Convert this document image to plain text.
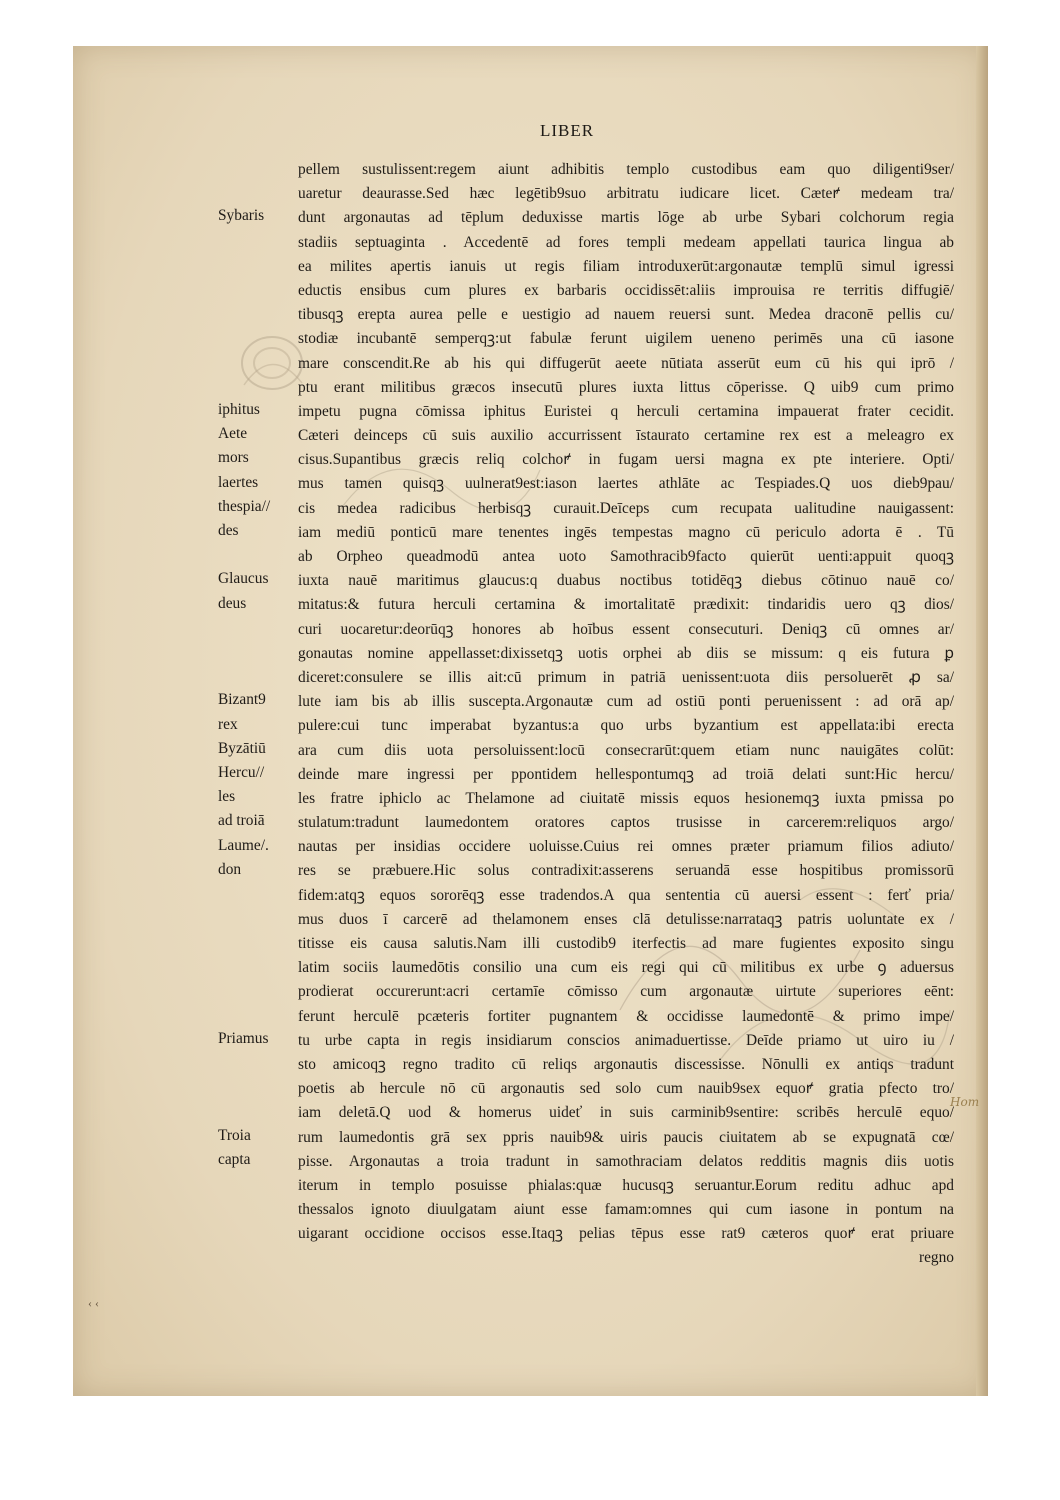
LIBER
pellem sustulissent:regem aiunt adhibitis templo custodibus eam quo diligenti9ser/
uaretur deaurasse.Sed hæc legētib9suo arbitratu iudicare licet. Cæteꝵ medeam tra/
dunt argonautas ad tēplum deduxisse martis lōge ab urbe Sybari colchorum regia
stadiis septuaginta . Accedentē ad fores templi medeam appellati taurica lingua ab
ea milites apertis ianuis ut regis filiam introduxerūt:argonautæ templū simul igressi
eductis ensibus cum plures ex barbaris occidissēt:aliis improuisa re territis diffugiē/
tibusqꝫ erepta aurea pelle e uestigio ad nauem reuersi sunt. Medea draconē pellis cu/
stodiæ incubantē semperqꝫ:ut fabulæ ferunt uigilem ueneno perimēs una cū iasone
mare conscendit.Re ab his qui diffugerūt aeete nūtiata asserūt eum cū his qui iprō /
ptu erant militibus græcos insecutū plures iuxta littus cōperisse. Q uib9 cum primo
impetu pugna cōmissa iphitus Euristei q herculi certamina impauerat frater cecidit.
Cæteri deinceps cū suis auxilio accurrissent īstaurato certamine rex est a meleagro ex
cisus.Supantibus græcis reliq colchoꝵ in fugam uersi magna ex pte interiere. Opti/
mus tamen quisqꝫ uulnerat9est:iason laertes athlāte ac Tespiades.Q uos dieb9pau/
cis medea radicibus herbisqꝫ curauit.Deīceps cum recupata ualitudine nauigassent:
iam mediū ponticū mare tenentes ingēs tempestas magno cū periculo adorta ē . Tū
ab Orpheo queadmodū antea uoto Samothracib9facto quierūt uenti:appuit quoqꝫ
iuxta nauē maritimus glaucus:q duabus noctibus totidēqꝫ diebus cōtinuo nauē co/
mitatus:& futura herculi certamina & imortalitatē prædixit: tindaridis uero qꝫ dios/
curi uocaretur:deorūqꝫ honores ab hoībus essent consecuturi. Deniqꝫ cū omnes ar/
gonautas nomine appellasset:dixissetqꝫ uotis orphei ab diis se missum: q eis futura ꝑ
diceret:consulere se illis ait:cū primum in patriā uenissent:uota diis persoluerēt ꝓ sa/
lute iam bis ab illis suscepta.Argonautæ cum ad ostiū ponti peruenissent : ad orā ap/
pulere:cui tunc imperabat byzantus:a quo urbs byzantium est appellata:ibi erecta
ara cum diis uota persoluissent:locū consecrarūt:quem etiam nunc nauigātes colūt:
deinde mare ingressi per ppontidem hellespontumqꝫ ad troiā delati sunt:Hic hercu/
les fratre iphiclo ac Thelamone ad ciuitatē missis equos hesionemqꝫ iuxta pmissa po
stulatum:tradunt laumedontem oratores captos trusisse in carcerem:reliquos argo/
nautas per insidias occidere uoluisse.Cuius rei omnes præter priamum filios adiuto/
res se præbuere.Hic solus contradixit:asserens seruandā esse hospitibus promissorū
fidem:atqꝫ equos sororēqꝫ esse tradendos.A qua sententia cū auersi essent : ferť pria/
mus duos ī carcerē ad thelamonem enses clā detulisse:narrataqꝫ patris uoluntate ex /
titisse eis causa salutis.Nam illi custodib9 iterfectis ad mare fugientes exposito singu
latim sociis laumedōtis consilio una cum eis regi qui cū militibus ex urbe ꝯ aduersus
prodierat occurerunt:acri certamīe cōmisso cum argonautæ uirtute superiores eēnt:
ferunt herculē pcæteris fortiter pugnantem & occidisse laumedontē & primo impe/
tu urbe capta in regis insidiarum conscios animaduertisse. Deīde priamo ut uiro iu /
sto amicoqꝫ regno tradito cū reliqs argonautis discessisse. Nōnulli ex antiqs tradunt
poetis ab hercule nō cū argonautis sed solo cum nauib9sex equoꝵ gratia pfecto tro/
iam deletā.Q uod & homerus uideť in suis carminib9sentire: scribēs herculē equo/
rum laumedontis grā sex ppris nauib9& uiris paucis ciuitatem ab se expugnatā cœ/
pisse. Argonautas a troia tradunt in samothraciam delatos redditis magnis diis uotis
iterum in templo posuisse phialas:quæ hucusqꝫ seruantur.Eorum reditu adhuc apd
thessalos ignoto diuulgatam aiunt esse famam:omnes qui cum iasone in pontum na
uigarant occidione occisos esse.Itaqꝫ pelias tēpus esse rat9 cæteros quoꝵ erat priuare
regno
Sybaris
iphitus
Aete
mors
laertes
thespia//
des
Glaucus
deus
Bizant9
rex
Byzātiū
Hercu//
les
ad troiā
Laume/.
don
Priamus
Troia
capta
Hom
‹ ‹
